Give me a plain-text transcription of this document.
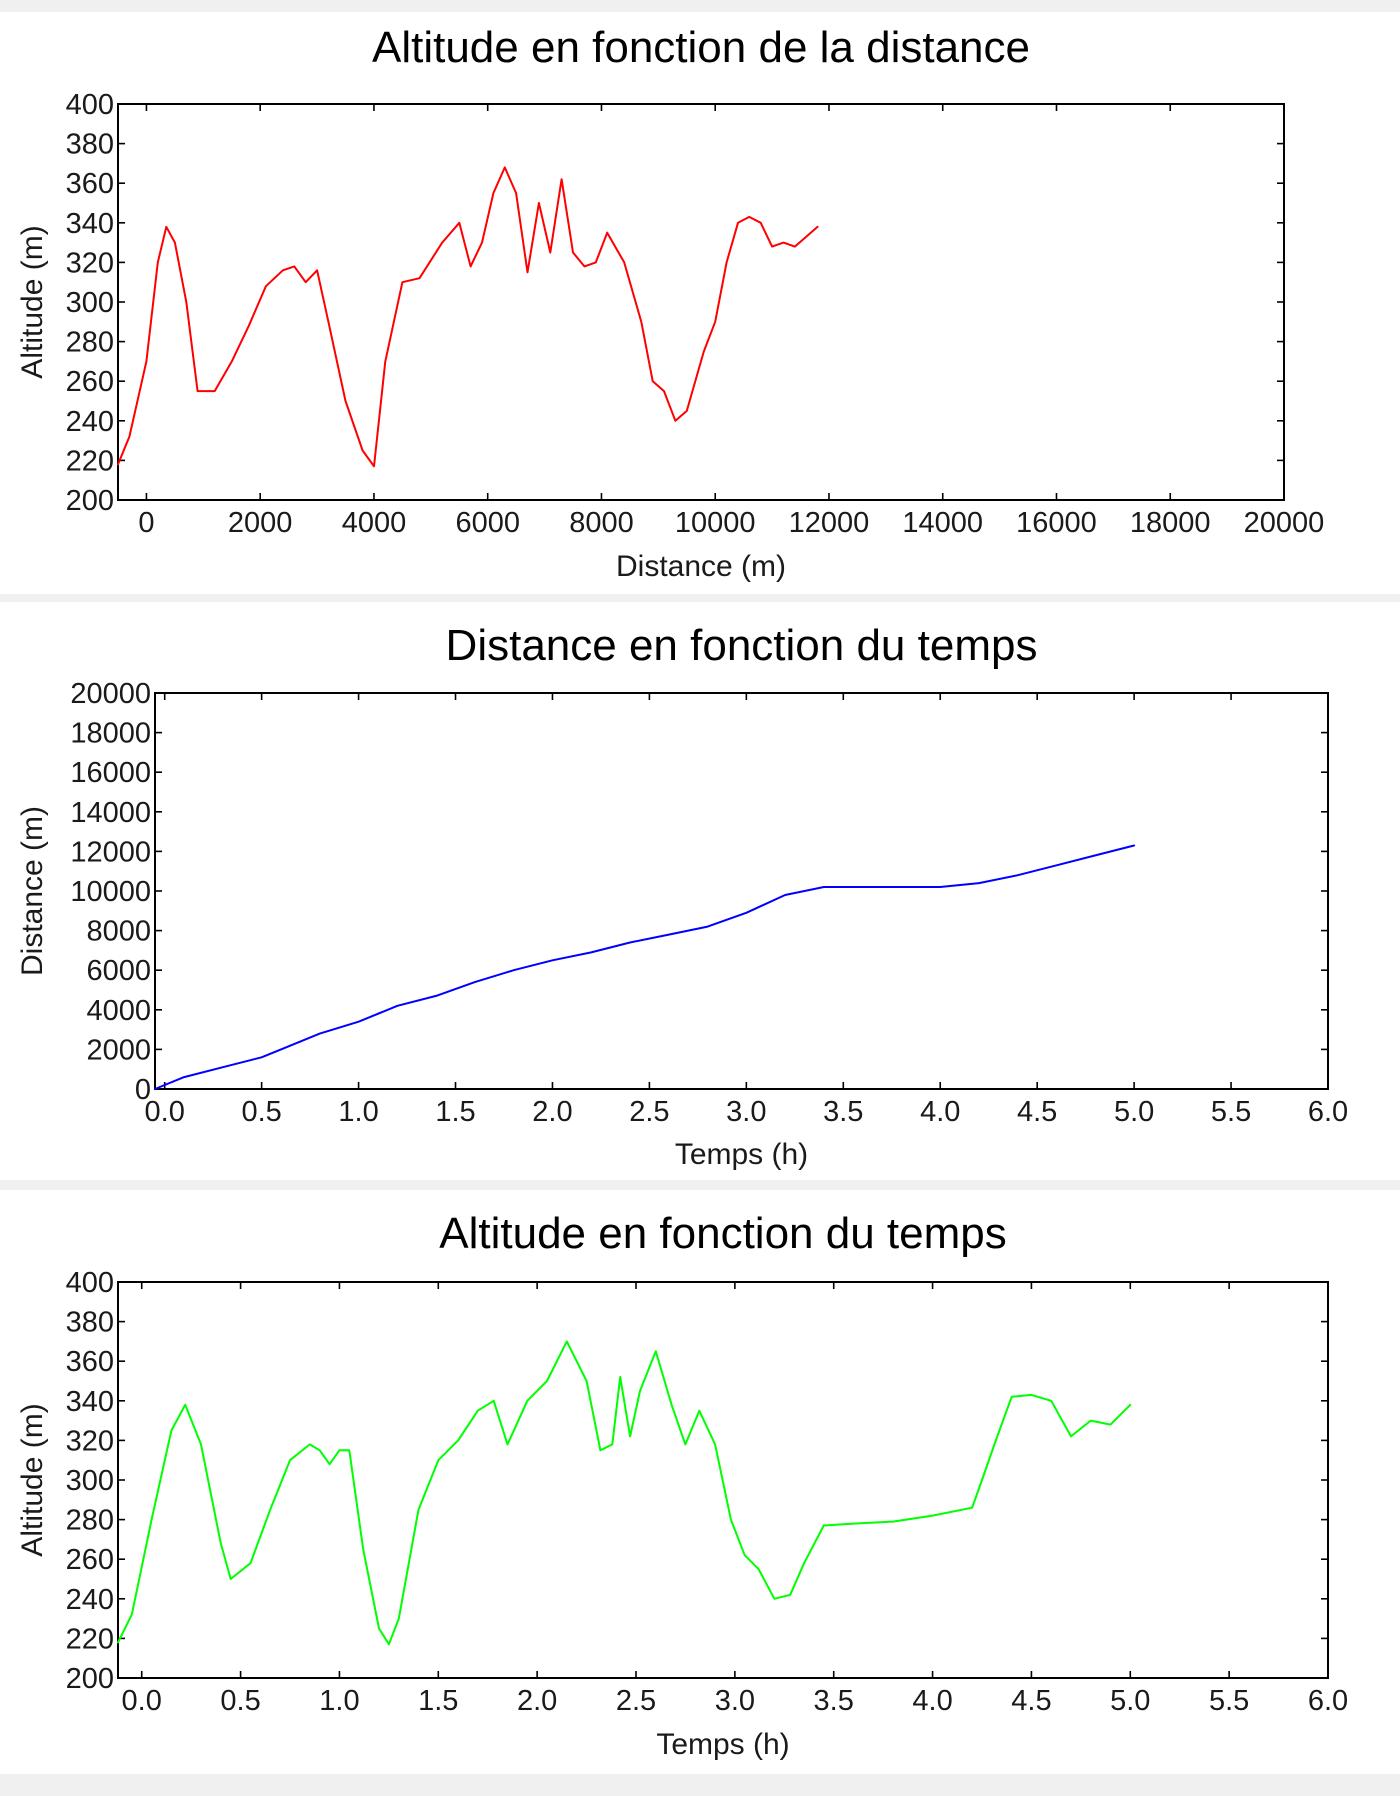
Altitude en fonction de la distance
0	2000 4000 6000 8000 10000 12000 14000 16000 18000 20000
200
220
240
260
280
300
320
340
360
380
400
Distance (m)
Altitude (m)
Distance en fonction du temps
0.0 0.5 1.0 1.5 2.0 2.5 3.0 3.5 4.0 4.5 5.0 5.5 6.0
0
2000
4000
6000
8000
10000
12000
14000
16000
18000
20000
Temps (h)
Distance (m)
Altitude en fonction du temps
0.0 0.5 1.0 1.5 2.0 2.5 3.0 3.5 4.0 4.5 5.0 5.5 6.0
200
220
240
260
280
300
320
340
360
380
400
Temps (h)
Altitude (m)
